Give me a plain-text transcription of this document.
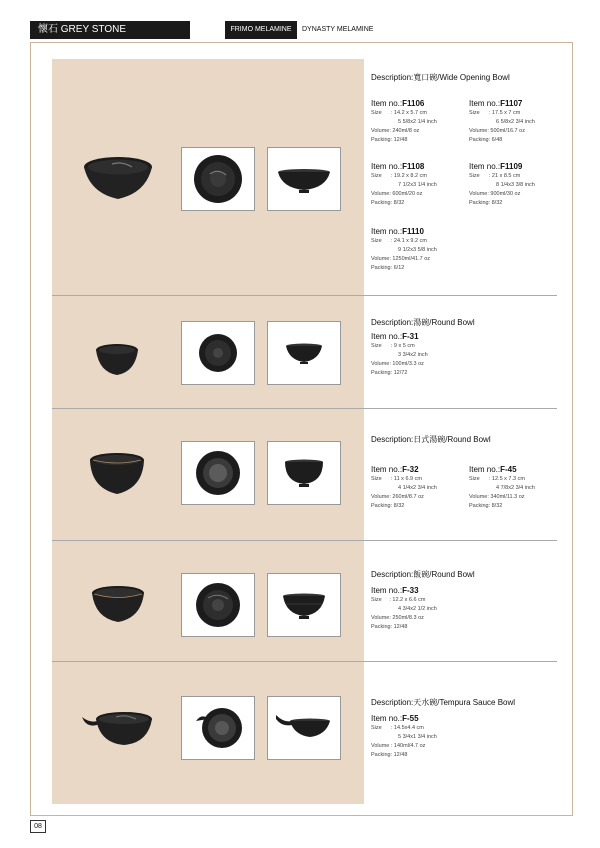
懷石 GREY STONE	FRIMO MELAMINE	DYNASTY MELAMINE
Description:寬口碗/Wide Opening Bowl
Item no.:F1106
Size      : 14.2 x 5.7 cm
5 5/8x2 1/4 inch
Volume: 240ml/8 oz
Packing: 12/48
Item no.:F1107
Size      : 17.5 x 7 cm
6 5/8x2 3/4 inch
Volume: 500ml/16.7 oz
Packing: 6/48
Item no.:F1108
Size      : 19.2 x 8.2 cm
7 1/2x3 1/4 inch
Volume: 600ml/20 oz
Packing: 8/32
Item no.:F1109
Size      : 21 x 8.5 cm
8 1/4x3 3/8 inch
Volume: 900ml/30 oz
Packing: 8/32
Item no.:F1110
Size      : 24.1 x 9.2 cm
9 1/2x3 5/8 inch
Volume: 1250ml/41.7 oz
Packing: 6/12
Description:湯碗/Round Bowl
Item no.:F-31
Size      : 9 x 5 cm
3 3/4x2 inch
Volume: 100ml/3.3 oz
Packing: 12/72
Description:日式湯碗/Round Bowl
Item no.:F-32
Size      : 11 x 6.9 cm
4 1/4x2 3/4 inch
Volume: 260ml/8.7 oz
Packing: 8/32
Item no.:F-45
Size      : 12.5 x 7.3 cm
4 7/8x2 3/4 inch
Volume: 340ml/11.3 oz
Packing: 8/32
Description:飯碗/Round Bowl
Item no.:F-33
Size     : 12.2 x 6.6 cm
4 3/4x2 1/2 inch
Volume: 250ml/8.3 oz
Packing: 12/48
Description:天水碗/Tempura Sauce Bowl
Item no.:F-55
Size      : 14.5x4.4 cm
5 3/4x1 3/4 inch
Volume : 140ml/4.7 oz
Packing: 12/48
08
